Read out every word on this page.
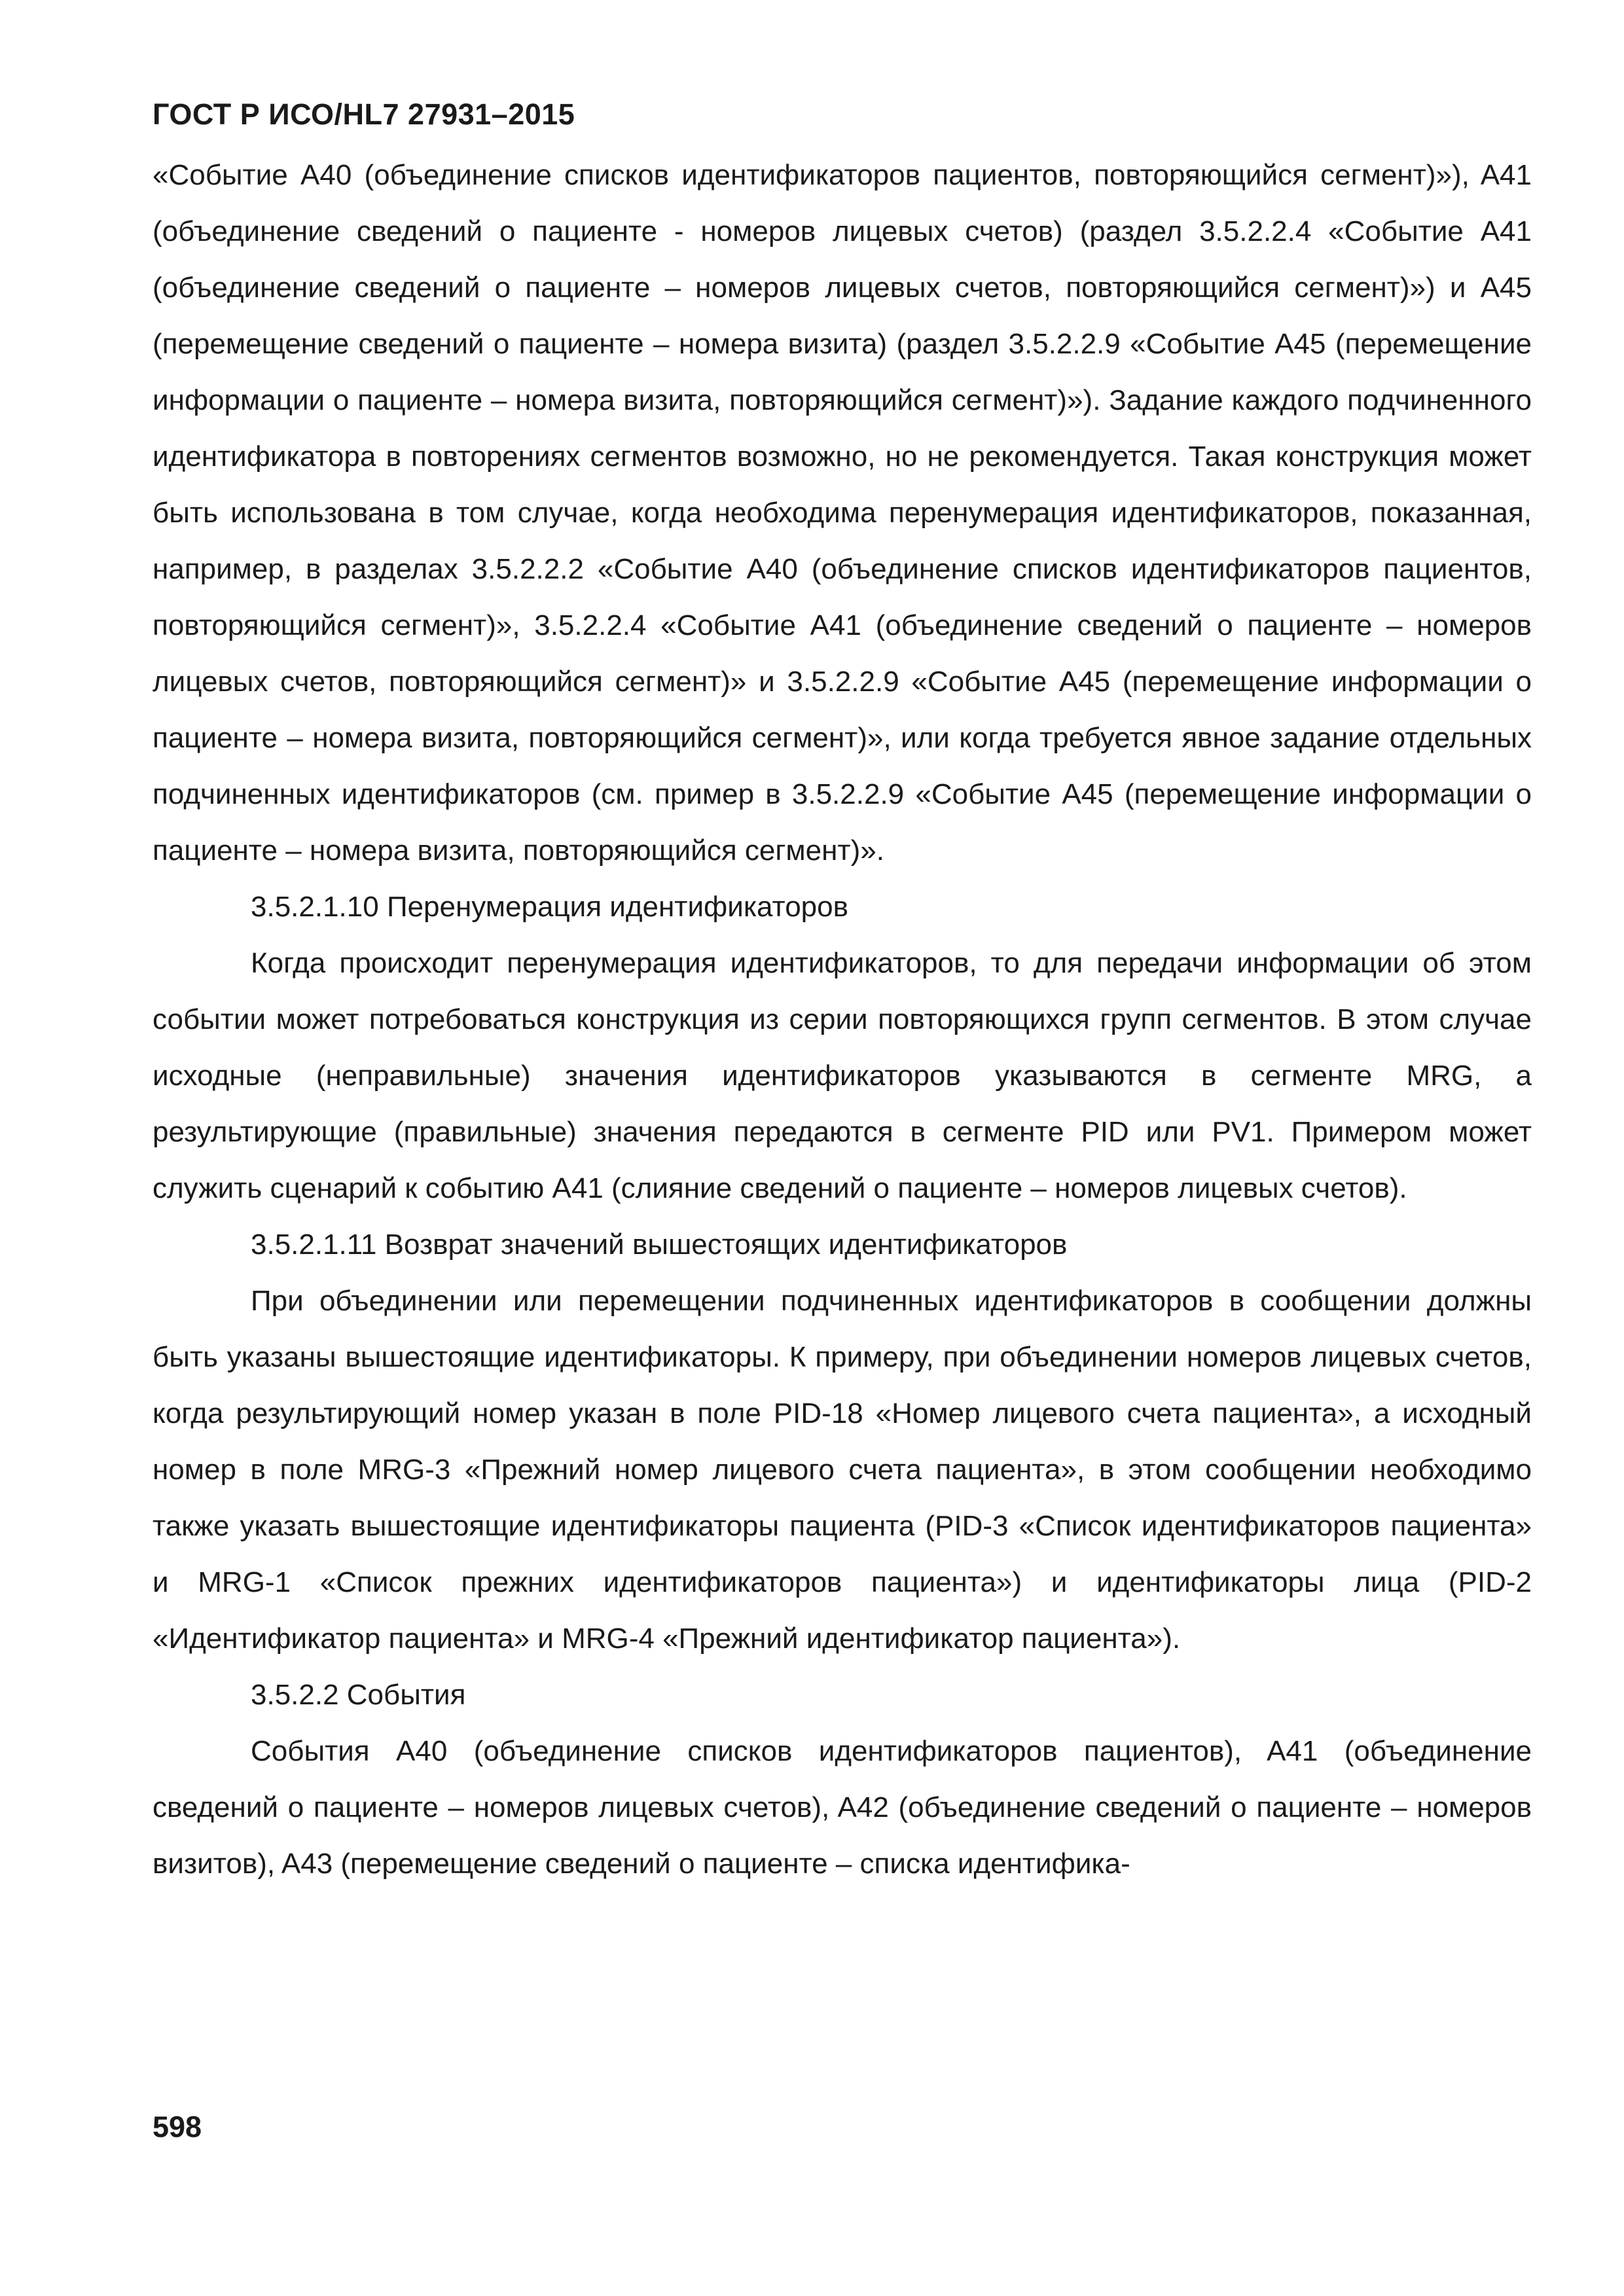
ГОСТ Р ИСО/HL7 27931–2015

«Событие A40 (объединение списков идентификаторов пациентов, повторяющийся сегмент)»), A41 (объединение сведений о пациенте - номеров лицевых счетов) (раздел 3.5.2.2.4 «Событие A41 (объединение сведений о пациенте – номеров лицевых счетов, повторяющийся сегмент)») и A45 (перемещение сведений о пациенте – номера визита) (раздел 3.5.2.2.9 «Событие A45 (перемещение информации о пациенте – номера визита, повторяющийся сегмент)»). Задание каждого подчиненного идентификатора в повторениях сегментов возможно, но не рекомендуется. Такая конструкция может быть использована в том случае, когда необходима перенумерация идентификаторов, показанная, например, в разделах 3.5.2.2.2 «Событие A40 (объединение списков идентификаторов пациентов, повторяющийся сегмент)», 3.5.2.2.4 «Событие A41 (объединение сведений о пациенте – номеров лицевых счетов, повторяющийся сегмент)» и 3.5.2.2.9 «Событие A45 (перемещение информации о пациенте – номера визита, повторяющийся сегмент)», или когда требуется явное задание отдельных подчиненных идентификаторов (см. пример в 3.5.2.2.9 «Событие A45 (перемещение информации о пациенте – номера визита, повторяющийся сегмент)».

3.5.2.1.10 Перенумерация идентификаторов

Когда происходит перенумерация идентификаторов, то для передачи информации об этом событии может потребоваться конструкция из серии повторяющихся групп сегментов. В этом случае исходные (неправильные) значения идентификаторов указываются в сегменте MRG, а результирующие (правильные) значения передаются в сегменте PID или PV1. Примером может служить сценарий к событию A41 (слияние сведений о пациенте – номеров лицевых счетов).

3.5.2.1.11 Возврат значений вышестоящих идентификаторов

При объединении или перемещении подчиненных идентификаторов в сообщении должны быть указаны вышестоящие идентификаторы. К примеру, при объединении номеров лицевых счетов, когда результирующий номер указан в поле PID-18 «Номер лицевого счета пациента», а исходный номер в поле MRG-3 «Прежний номер лицевого счета пациента», в этом сообщении необходимо также указать вышестоящие идентификаторы пациента (PID-3 «Список идентификаторов пациента» и MRG-1 «Список прежних идентификаторов пациента») и идентификаторы лица (PID-2 «Идентификатор пациента» и MRG-4 «Прежний идентификатор пациента»).

3.5.2.2 События

События A40 (объединение списков идентификаторов пациентов), A41 (объединение сведений о пациенте – номеров лицевых счетов), A42 (объединение сведений о пациенте – номеров визитов), A43 (перемещение сведений о пациенте – списка идентифика-

598
